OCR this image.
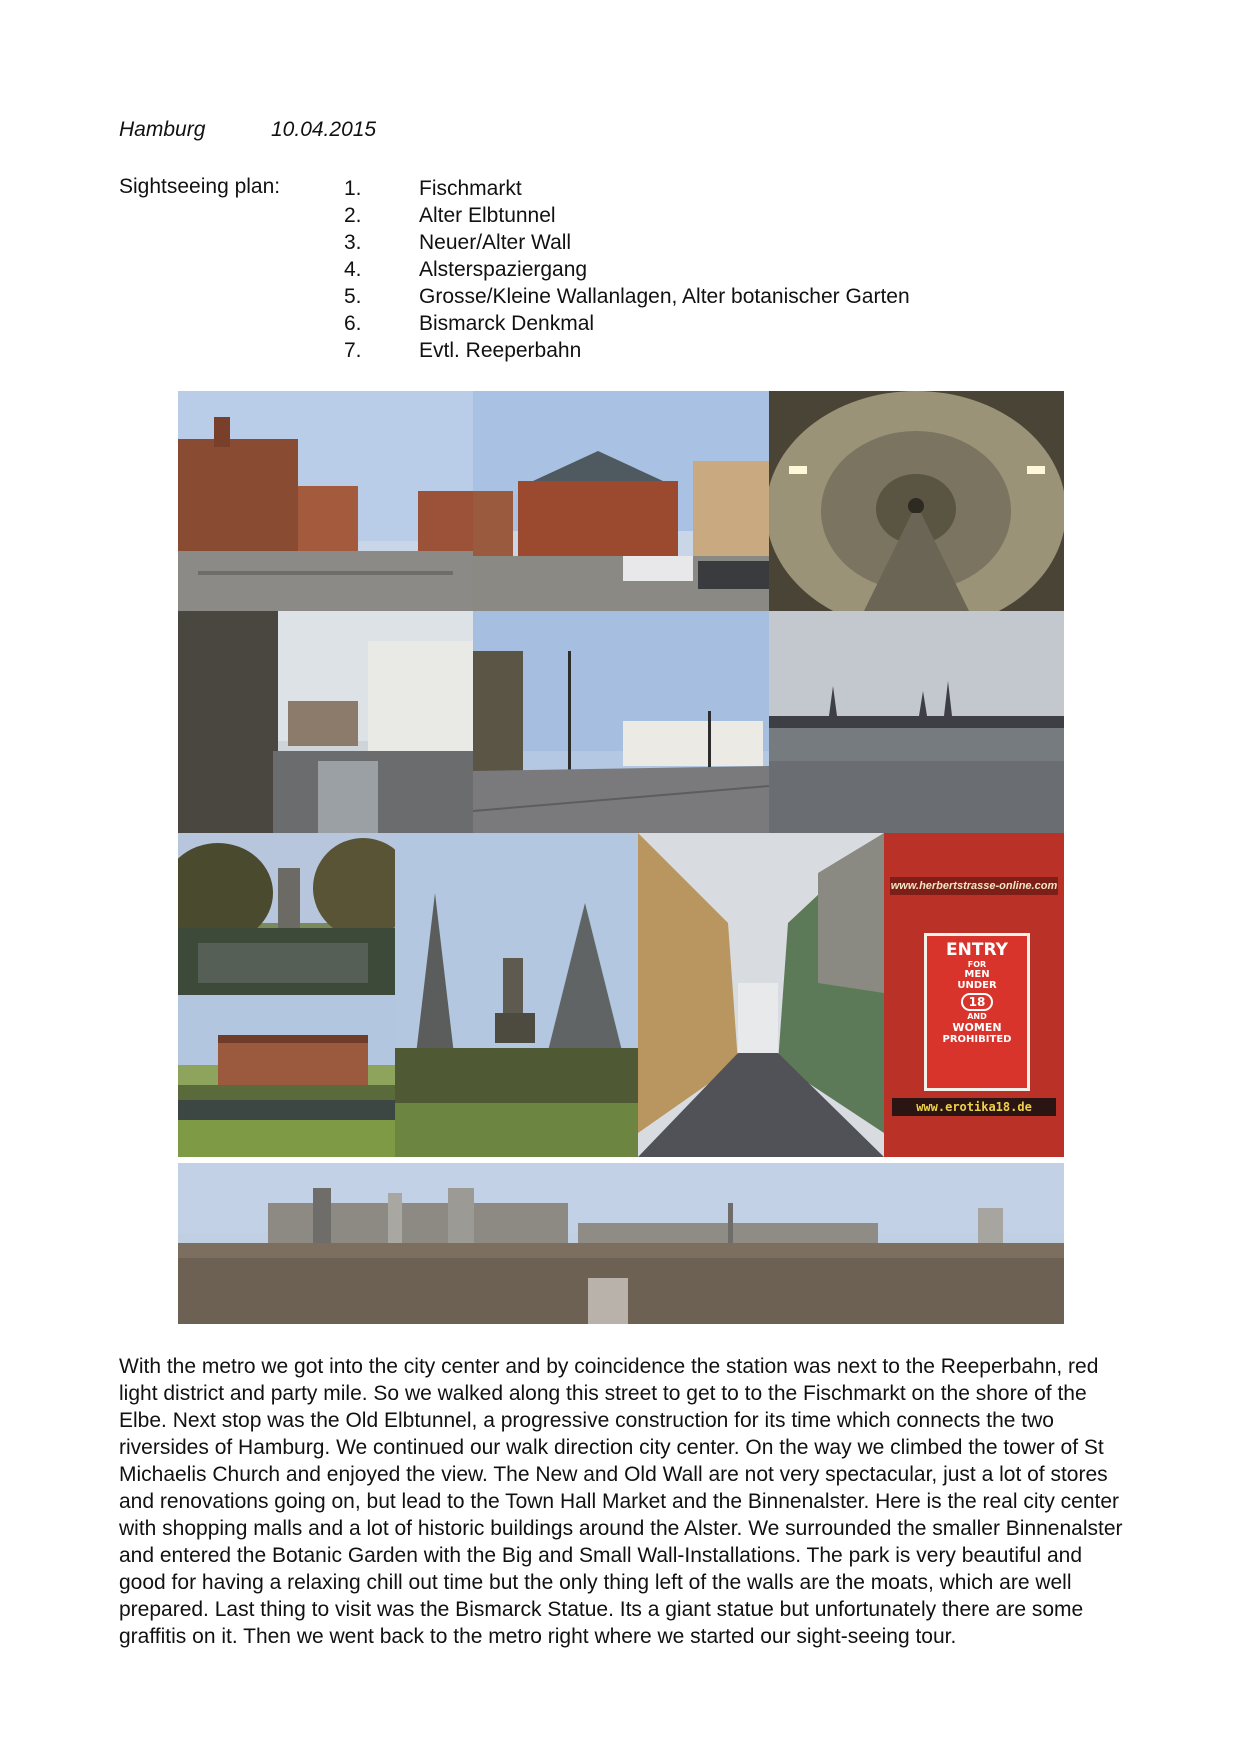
Hamburg	10.04.2015
Sightseeing plan:	1.	Fischmarkt
2.	Alter Elbtunnel
3.	Neuer/Alter Wall
4.	Alsterspaziergang
5.	Grosse/Kleine Wallanlagen, Alter botanischer Garten
6.	Bismarck Denkmal
7.	Evtl. Reeperbahn
www.herbertstrasse-online.com
ENTRY
FOR
MEN
UNDER
18
AND
WOMEN
PROHIBITED
www.erotika18.de

With the metro we got into the city center and by coincidence the station was next to the Reeperbahn, red light district and party mile. So we walked along this street to get to to the Fischmarkt on the shore of the Elbe. Next stop was the Old Elbtunnel, a progressive construction for its time which connects the two riversides of Hamburg. We continued our walk direction city center. On the way we climbed the tower of St Michaelis Church and enjoyed the view. The New and Old Wall are not very spectacular, just a lot of stores and renovations going on, but lead to the Town Hall Market and the Binnenalster. Here is the real city center with shopping malls and a lot of historic buildings around the Alster. We surrounded the smaller Binnenalster and entered the Botanic Garden with the Big and Small Wall-Installations. The park is very beautiful and good for having a relaxing chill out time but the only thing left of the walls are the moats, which are well prepared. Last thing to visit was the Bismarck Statue. Its a giant statue but unfortunately there are some graffitis on it. Then we went back to the metro right where we started our sight-seeing tour.
